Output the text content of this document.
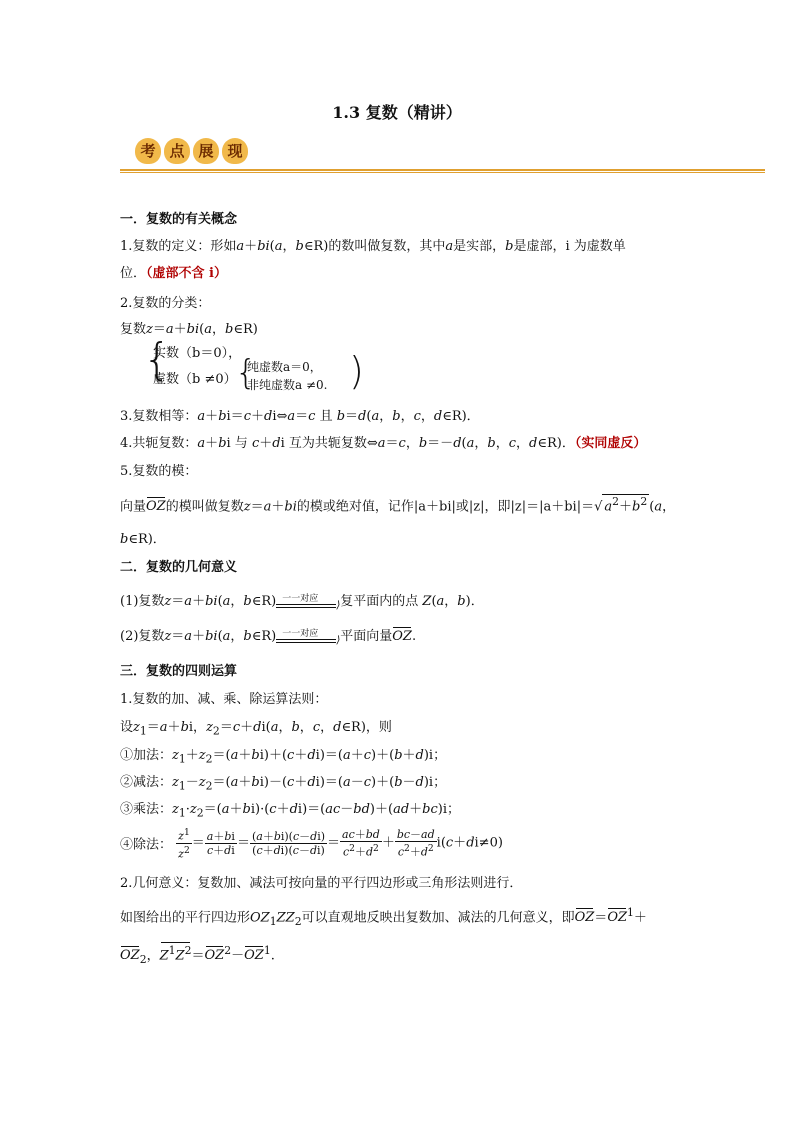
1.3 复数（精讲）
考 点 展 现
一．复数的有关概念
1.复数的定义：形如a＋bi(a，b∈R)的数叫做复数，其中a是实部，b是虚部，i 为虚数单
位．（虚部不含 i）
2.复数的分类：
复数z＝a＋bi(a，b∈R)
{
实数（b＝0），
虚数（b ≠0）
{
纯虚数a＝0，
非纯虚数a ≠0. )
3.复数相等：a＋bi＝c＋di⇔a＝c 且 b＝d(a，b，c，d∈R)．
4.共轭复数：a＋bi 与 c＋di 互为共轭复数⇔a＝c，b＝－d(a，b，c，d∈R)．（实同虚反）
5.复数的模：
向量OZ的模叫做复数z＝a＋bi的模或绝对值，记作|a＋bi|或|z|，即|z|＝|a＋bi|＝√ $a^2+b^2$ (a，
b∈R)．
二．复数的几何意义
(1)复数z＝a＋bi(a，b∈R) 一一对应
⟩ 复平面内的点 Z(a，b)．
(2)复数z＝a＋bi(a，b∈R) 一一对应
⟩ 平面向量OZ.
三．复数的四则运算
1.复数的加、减、乘、除运算法则：
设$z_1=a+bi$，$z_2=c+di(a$，b，c，d∈R)，则
①加法：$z_1+z_2=(a+bi)+(c+di)=(a+c)+(b+d)i$；
②减法：$z_1-z_2=(a+bi)-(c+di)=(a-c)+(b-d)i$；
③乘法：$z_1\cdot z_2=(a+bi)\cdot(c+di)=(ac-bd)+(ad+bc)i$；
④除法： $\frac{z^1}{z^2} = \frac{a+bi}{c+di} = \frac{(a+bi)(c-di)}{(c+di)(c-di)} = \frac{ac+bd}{c^2+d^2} + \frac{bc-ad}{c^2+d^2} i(c+di\ne 0)$
2.几何意义：复数加、减法可按向量的平行四边形或三角形法则进行．
如图给出的平行四边形$OZ_1ZZ_2$可以直观地反映出复数加、减法的几何意义，即$OZ=OZ^1+$
$OZ_2$，$Z^1Z^2=OZ^2-OZ^1$.
